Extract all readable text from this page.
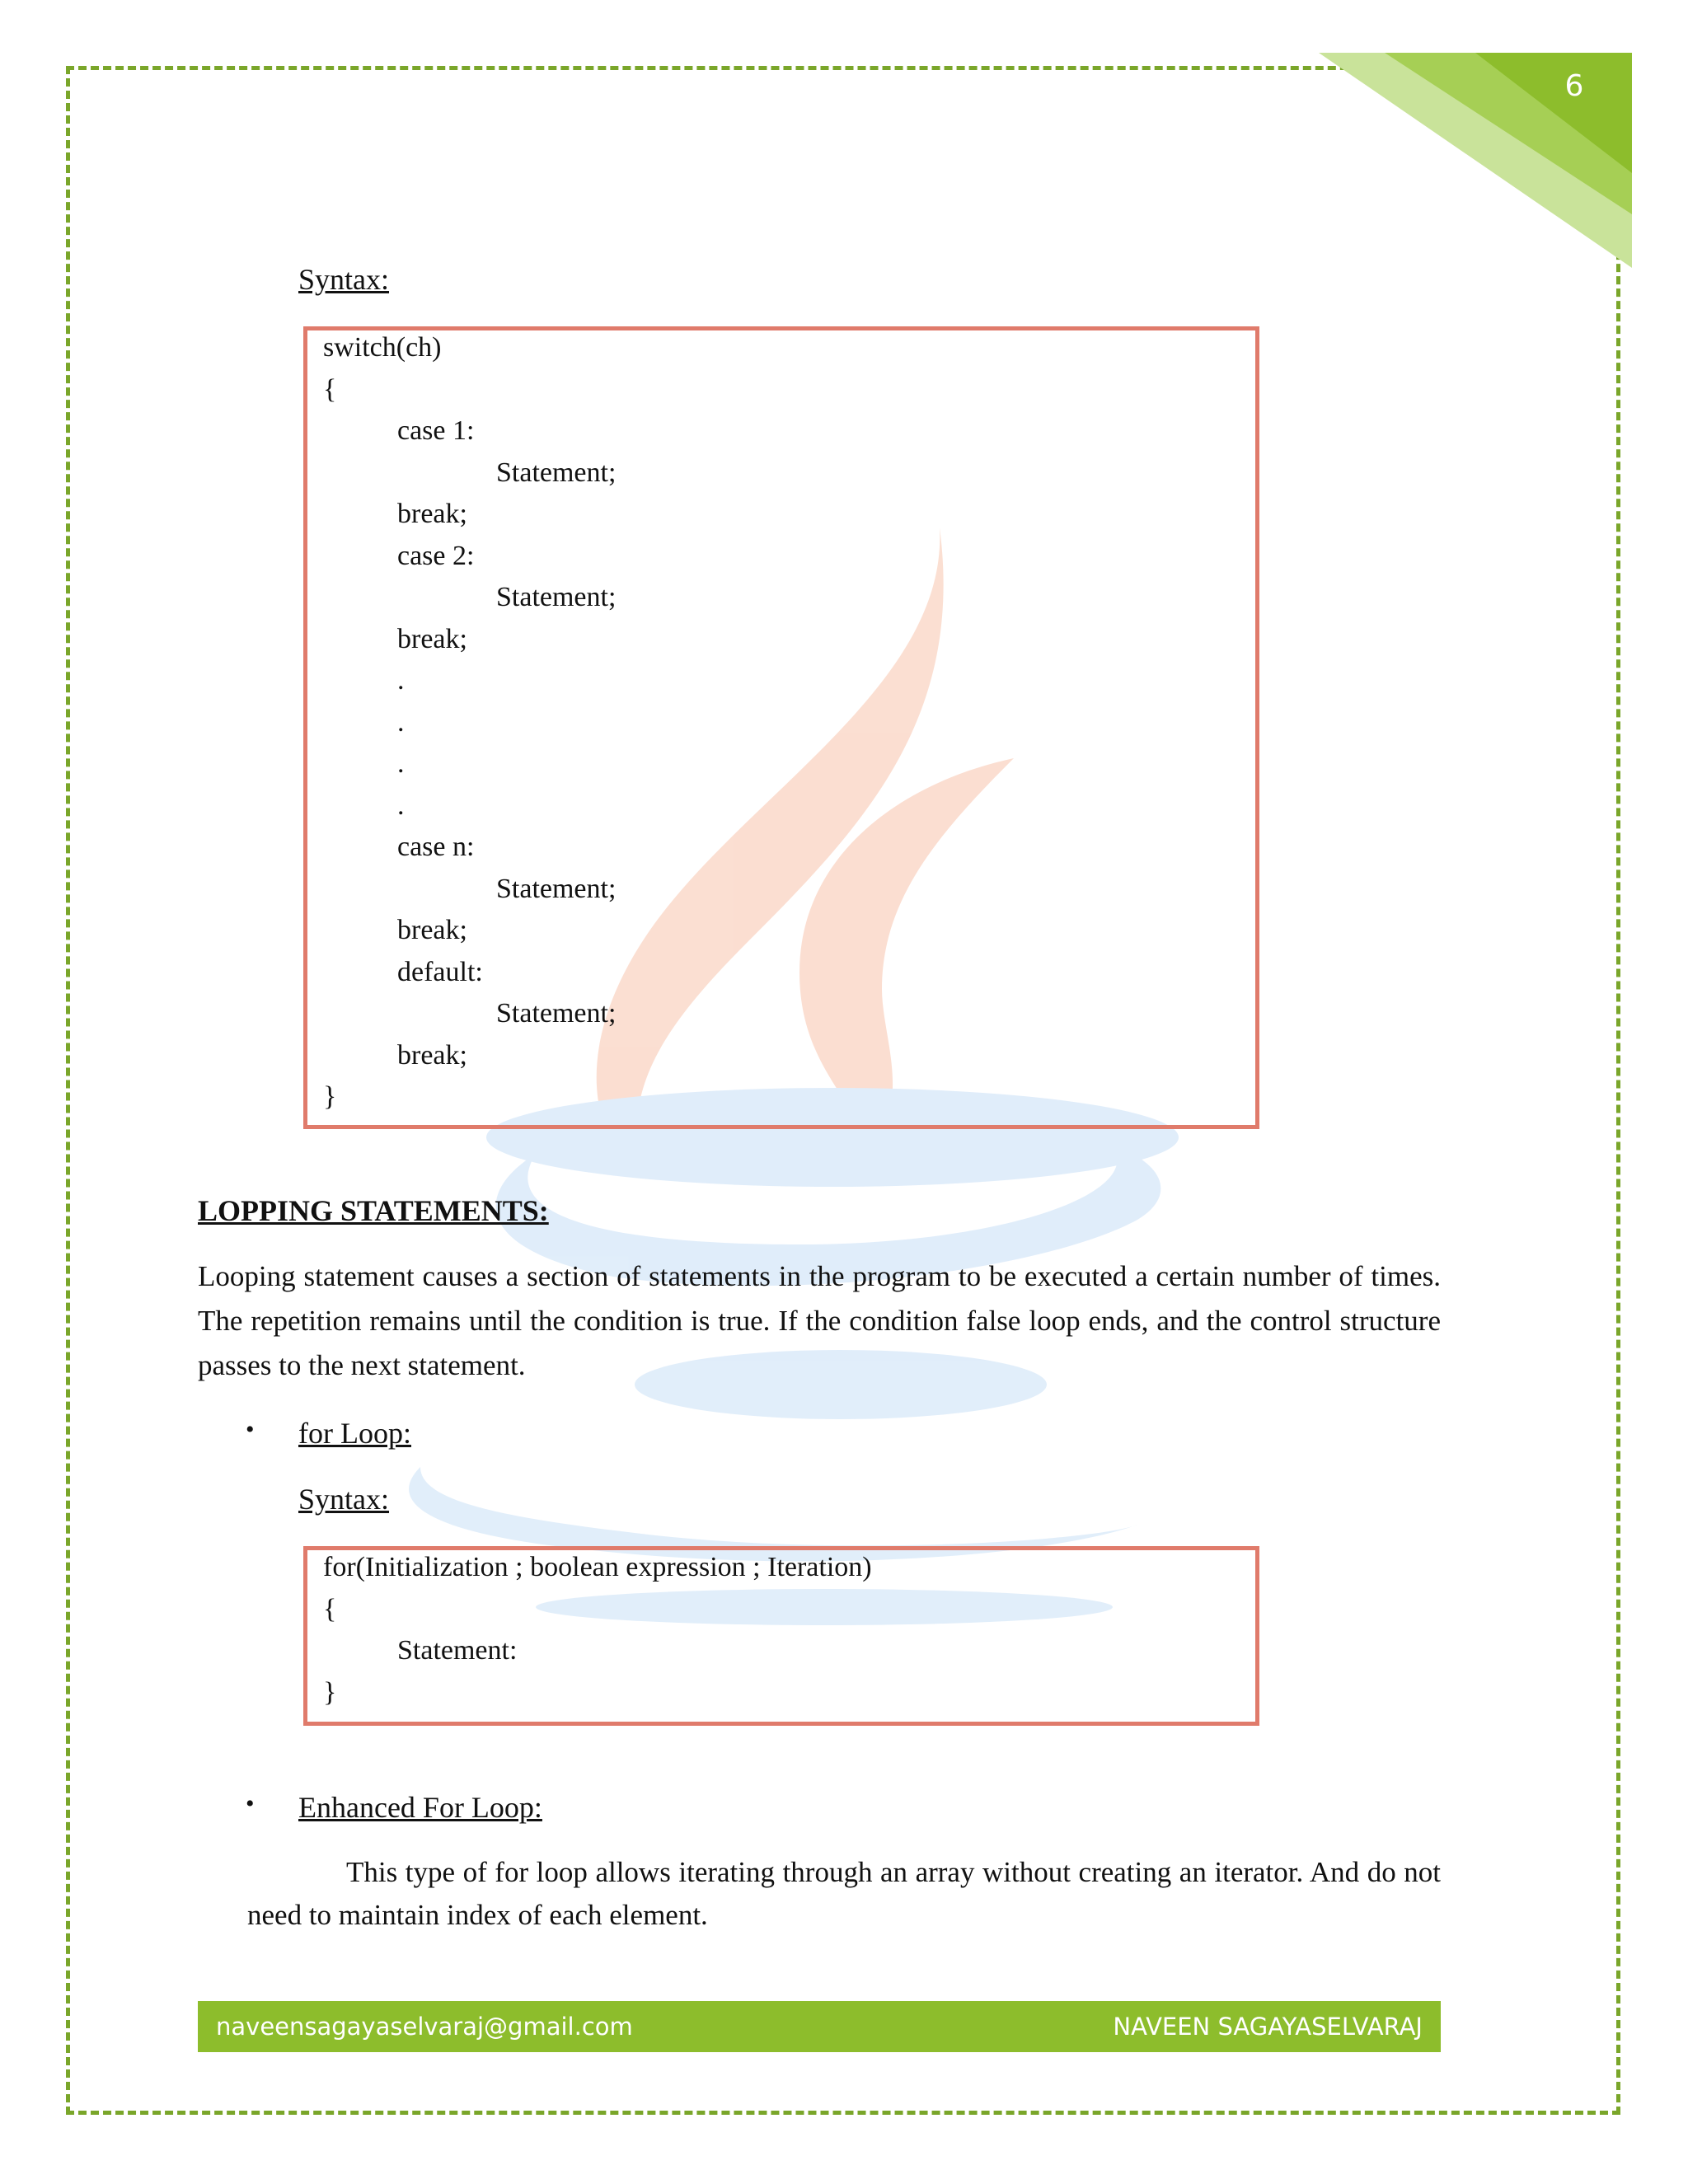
6
Syntax:
switch(ch)
{
case 1:
Statement;
break;
case 2:
Statement;
break;
.
.
.
.
case n:
Statement;
break;
default:
Statement;
break;
}
LOPPING STATEMENTS:
Looping statement causes a section of statements in the program to be executed a certain number of times. The repetition remains until the condition is true. If the condition false loop ends, and the control structure passes to the next statement.
• for Loop:
Syntax:
for(Initialization ; boolean expression ; Iteration)
{
Statement:
}
• Enhanced For Loop:
This type of for loop allows iterating through an array without creating an iterator. And do not need to maintain index of each element.
naveensagayaselvaraj@gmail.com	NAVEEN SAGAYASELVARAJ
